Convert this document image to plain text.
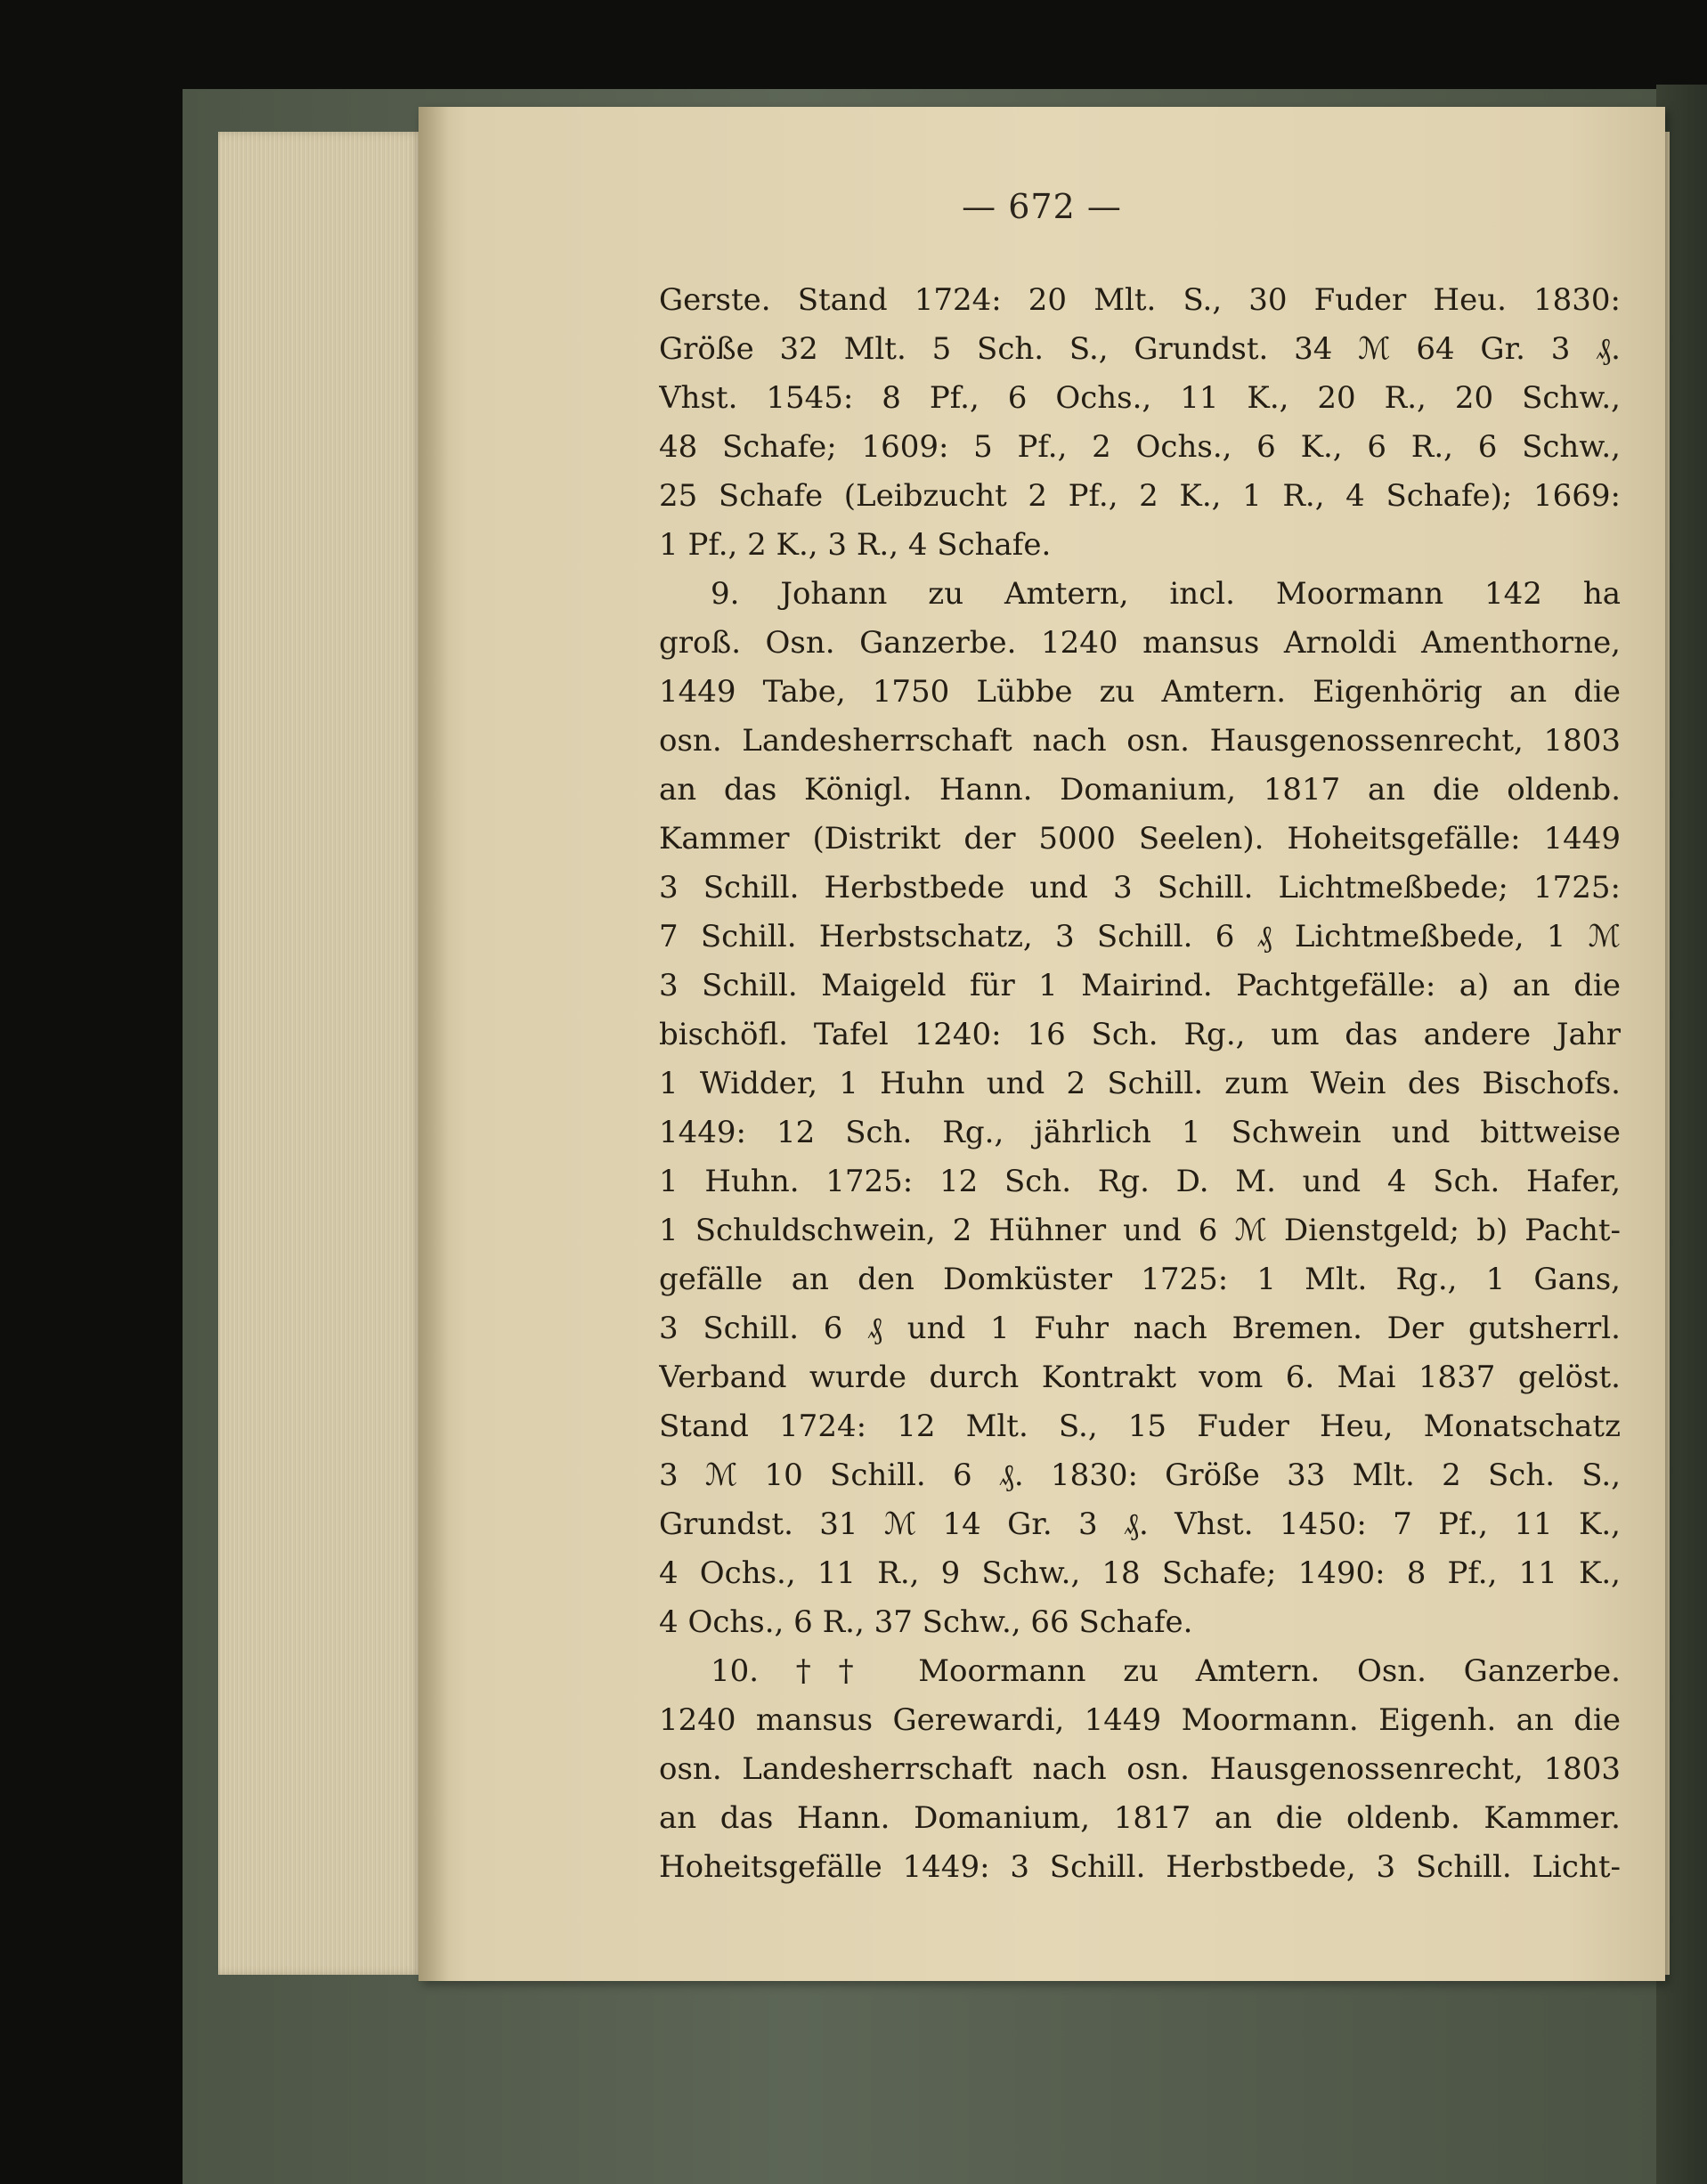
— 672 —
Gerste. Stand 1724: 20 Mlt. S., 30 Fuder Heu. 1830:
Größe 32 Mlt. 5 Sch. S., Grundst. 34 ℳ 64 Gr. 3 ₰.
Vhst. 1545: 8 Pf., 6 Ochs., 11 K., 20 R., 20 Schw.,
48 Schafe; 1609: 5 Pf., 2 Ochs., 6 K., 6 R., 6 Schw.,
25 Schafe (Leibzucht 2 Pf., 2 K., 1 R., 4 Schafe); 1669:
1 Pf., 2 K., 3 R., 4 Schafe.
9. Johann zu Amtern, incl. Moormann 142 ha
groß. Osn. Ganzerbe. 1240 mansus Arnoldi Amenthorne,
1449 Tabe, 1750 Lübbe zu Amtern. Eigenhörig an die
osn. Landesherrschaft nach osn. Hausgenossenrecht, 1803
an das Königl. Hann. Domanium, 1817 an die oldenb.
Kammer (Distrikt der 5000 Seelen). Hoheitsgefälle: 1449
3 Schill. Herbstbede und 3 Schill. Lichtmeßbede; 1725:
7 Schill. Herbstschatz, 3 Schill. 6 ₰ Lichtmeßbede, 1 ℳ
3 Schill. Maigeld für 1 Mairind. Pachtgefälle: a) an die
bischöfl. Tafel 1240: 16 Sch. Rg., um das andere Jahr
1 Widder, 1 Huhn und 2 Schill. zum Wein des Bischofs.
1449: 12 Sch. Rg., jährlich 1 Schwein und bittweise
1 Huhn. 1725: 12 Sch. Rg. D. M. und 4 Sch. Hafer,
1 Schuldschwein, 2 Hühner und 6 ℳ Dienstgeld; b) Pacht-
gefälle an den Domküster 1725: 1 Mlt. Rg., 1 Gans,
3 Schill. 6 ₰ und 1 Fuhr nach Bremen. Der gutsherrl.
Verband wurde durch Kontrakt vom 6. Mai 1837 gelöst.
Stand 1724: 12 Mlt. S., 15 Fuder Heu, Monatschatz
3 ℳ 10 Schill. 6 ₰. 1830: Größe 33 Mlt. 2 Sch. S.,
Grundst. 31 ℳ 14 Gr. 3 ₰. Vhst. 1450: 7 Pf., 11 K.,
4 Ochs., 11 R., 9 Schw., 18 Schafe; 1490: 8 Pf., 11 K.,
4 Ochs., 6 R., 37 Schw., 66 Schafe.
10. †† Moormann zu Amtern. Osn. Ganzerbe.
1240 mansus Gerewardi, 1449 Moormann. Eigenh. an die
osn. Landesherrschaft nach osn. Hausgenossenrecht, 1803
an das Hann. Domanium, 1817 an die oldenb. Kammer.
Hoheitsgefälle 1449: 3 Schill. Herbstbede, 3 Schill. Licht-
